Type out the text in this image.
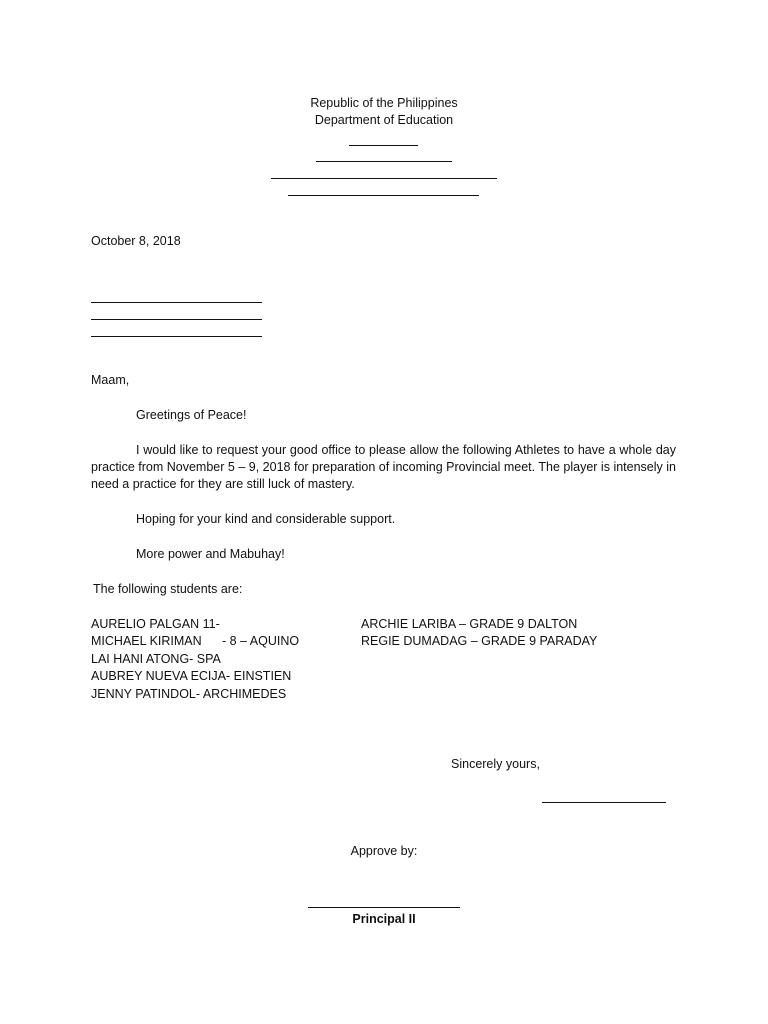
Republic of the Philippines
Department of Education
October 8, 2018
Maam,
Greetings of Peace!
I would like to request your good office to please allow the following Athletes to have a whole day practice from November 5 – 9, 2018 for preparation of incoming Provincial meet. The player is intensely in need a practice for they are still luck of mastery.
Hoping for your kind and considerable support.
More power and Mabuhay!
The following students are:
AURELIO PALGAN 11-
MICHAEL KIRIMAN - 8 – AQUINO
LAI HANI ATONG- SPA
AUBREY NUEVA ECIJA- EINSTIEN
JENNY PATINDOL- ARCHIMEDES
ARCHIE LARIBA – GRADE 9 DALTON
REGIE DUMADAG – GRADE 9 PARADAY
Sincerely yours,
Approve by:
Principal II
